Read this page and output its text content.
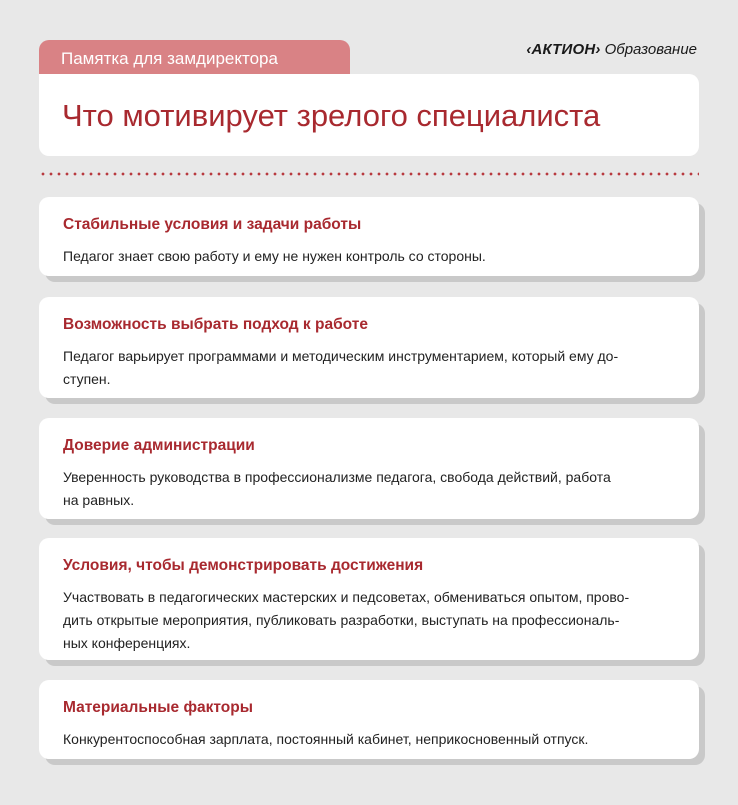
Памятка для замдиректора	‹АКТИОН› Образование
Что мотивирует зрелого специалиста
Стабильные условия и задачи работы

Педагог знает свою работу и ему не нужен контроль со стороны.

Возможность выбрать подход к работе

Педагог варьирует программами и методическим инструментарием, который ему до-
ступен.

Доверие администрации

Уверенность руководства в профессионализме педагога, свобода действий, работа
на равных.

Условия, чтобы демонстрировать достижения

Участвовать в педагогических мастерских и педсоветах, обмениваться опытом, прово-
дить открытые мероприятия, публиковать разработки, выступать на профессиональ-
ных конференциях.

Материальные факторы

Конкурентоспособная зарплата, постоянный кабинет, неприкосновенный отпуск.
